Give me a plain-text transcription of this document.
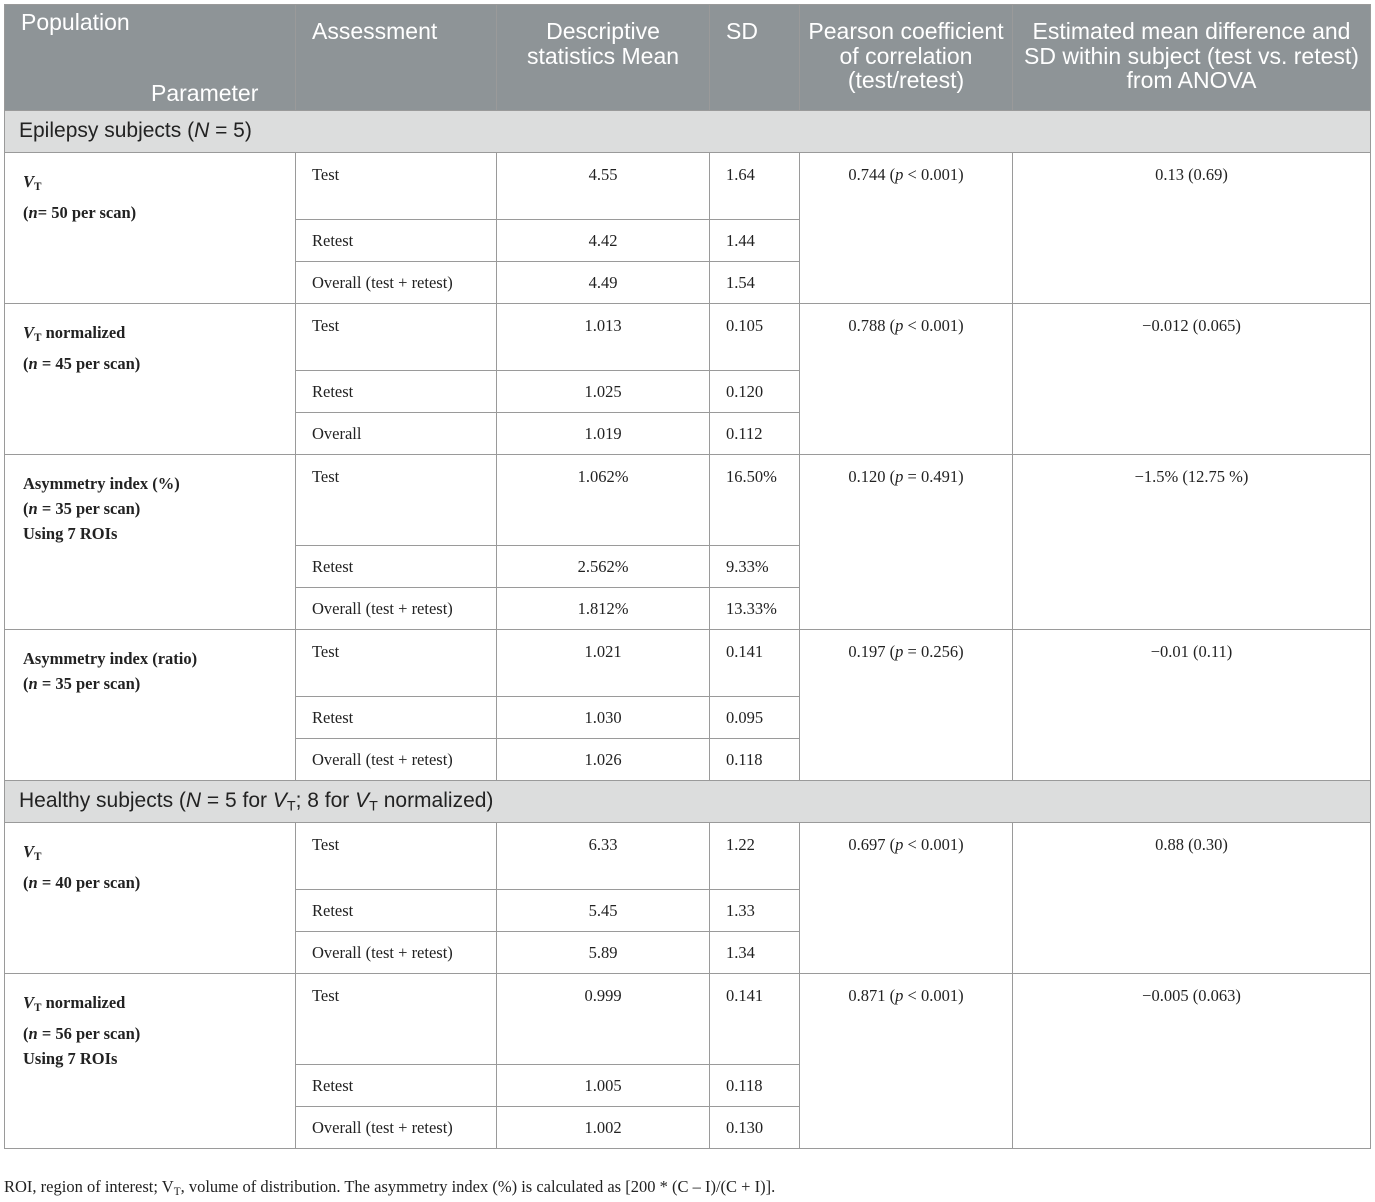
Population
Parameter	Assessment	Descriptive statistics Mean	SD	Pearson coefficient of correlation (test/retest)	Estimated mean difference and SD within subject (test vs. retest) from ANOVA
Epilepsy subjects (N = 5)					
$V_T$
(n= 50 per scan)	Test	4.55	1.64	0.744 (p < 0.001)	0.13 (0.69)
	Retest	4.42	1.44		
	Overall (test + retest)	4.49	1.54		
$V_T$ normalized
(n = 45 per scan)	Test	1.013	0.105	0.788 (p < 0.001)	−0.012 (0.065)
	Retest	1.025	0.120		
	Overall	1.019	0.112		
Asymmetry index (%)
(n = 35 per scan)
Using 7 ROIs	Test	1.062%	16.50%	0.120 (p = 0.491)	−1.5% (12.75 %)
	Retest	2.562%	9.33%		
	Overall (test + retest)	1.812%	13.33%		
Asymmetry index (ratio)
(n = 35 per scan)	Test	1.021	0.141	0.197 (p = 0.256)	−0.01 (0.11)
	Retest	1.030	0.095		
	Overall (test + retest)	1.026	0.118		
Healthy subjects (N = 5 for $V_T$; 8 for $V_T$ normalized)					
$V_T$
(n = 40 per scan)	Test	6.33	1.22	0.697 (p < 0.001)	0.88 (0.30)
	Retest	5.45	1.33		
	Overall (test + retest)	5.89	1.34		
$V_T$ normalized
(n = 56 per scan)
Using 7 ROIs	Test	0.999	0.141	0.871 (p < 0.001)	−0.005 (0.063)
	Retest	1.005	0.118		
	Overall (test + retest)	1.002	0.130		
ROI, region of interest; $V_T$, volume of distribution. The asymmetry index (%) is calculated as [200 * (C – I)/(C + I)].
